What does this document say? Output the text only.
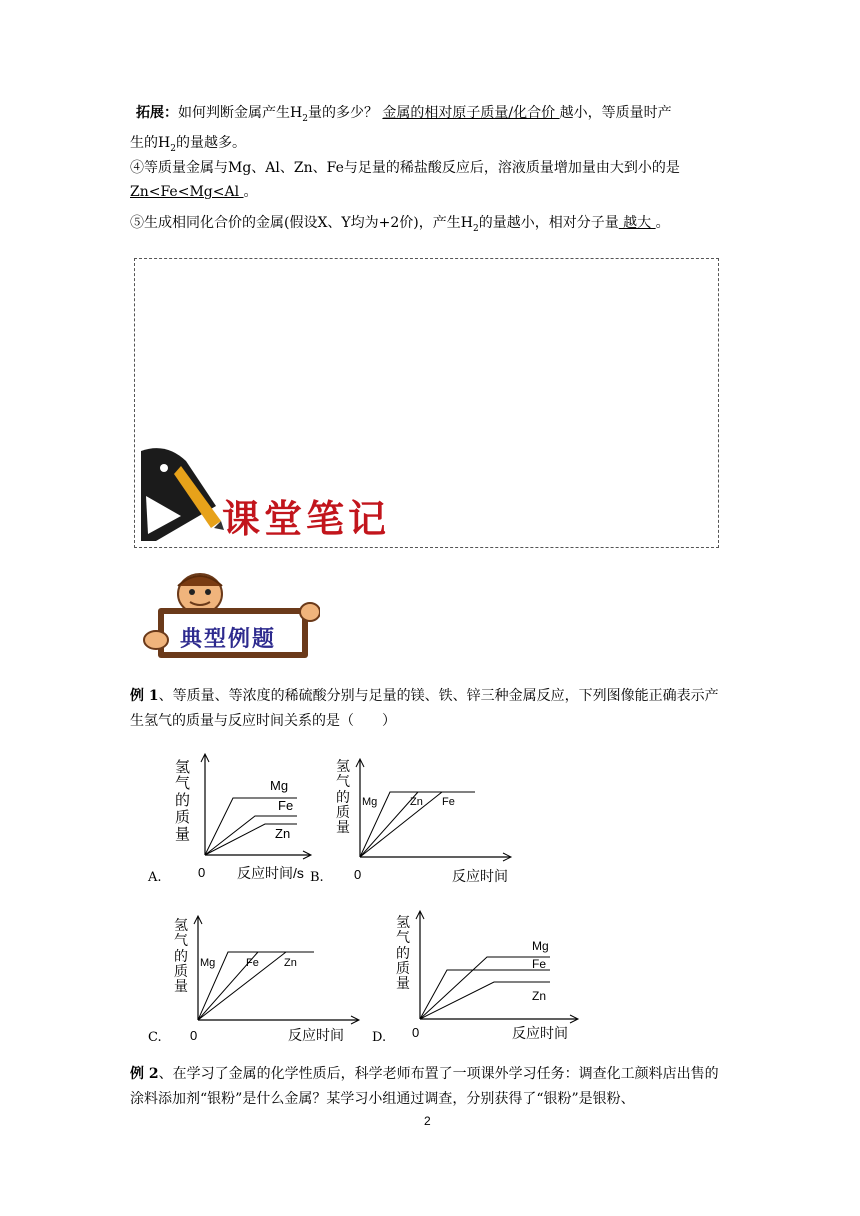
拓展：如何判断金属产生$H_2$量的多少？ 金属的相对原子质量/化合价 越小，等质量时产
生的$H_2$的量越多。
④等质量金属与Mg、Al、Zn、Fe与足量的稀盐酸反应后，溶液质量增加量由大到小的是 Zn<Fe<Mg<Al 。
⑤生成相同化合价的金属(假设X、Y均为+2价)，产生$H_2$的量越小，相对分子量 越大 。
课堂笔记
典型例题
例 1、等质量、等浓度的稀硫酸分别与足量的镁、铁、锌三种金属反应，下列图像能正确表示产生氢气的质量与反应时间关系的是（　　）
氢
气
的
质
量
Mg
Fe
Zn
0 反应时间/s
A.
氢
气
的
质
量
Mg	Zn Fe
0	反应时间
B.
氢
气
的
质
量
Mg	Fe Zn
0	反应时间
C.
氢
气
的
质
量
Mg
Fe
Zn
0	反应时间
D.
例 2、在学习了金属的化学性质后，科学老师布置了一项课外学习任务：调查化工颜料店出售的涂料添加剂“银粉”是什么金属？某学习小组通过调查，分别获得了“银粉”是银粉、
2
